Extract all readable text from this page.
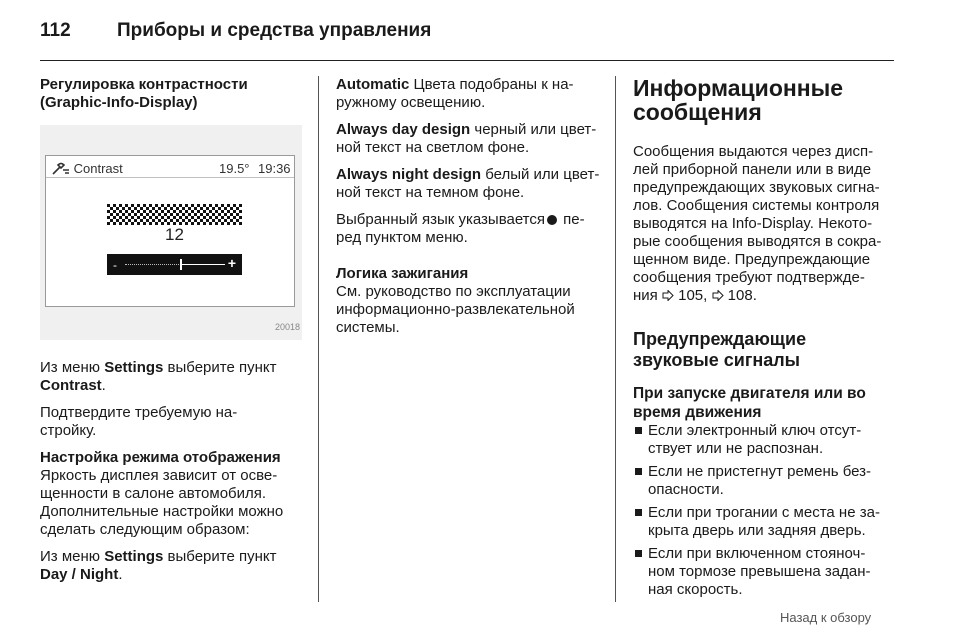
112 Приборы и средства управления
Регулировка контрастности
(Graphic-Info-Display)
Contrast	19.5° 19:36
12
-	+
20018

Из меню Settings выберите пункт
Contrast.

Подтвердите требуемую на-
стройку.

Настройка режима отображения

Яркость дисплея зависит от осве-
щенности в салоне автомобиля.
Дополнительные настройки можно
сделать следующим образом:

Из меню Settings выберите пункт
Day / Night.

Automatic Цвета подобраны к на-
ружному освещению.

Always day design черный или цвет-
ной текст на светлом фоне.

Always night design белый или цвет-
ной текст на темном фоне.

Выбранный язык указывается пе-
ред пунктом меню.

Логика зажигания

См. руководство по эксплуатации
информационно-развлекательной
системы.

Информационные
сообщения

Сообщения выдаются через дисп-
лей приборной панели или в виде
предупреждающих звуковых сигна-
лов. Сообщения системы контроля
выводятся на Info-Display. Некото-
рые сообщения выводятся в сокра-
щенном виде. Предупреждающие
сообщения требуют подтвержде-
ния  105,  108.

Предупреждающие
звуковые сигналы
При запуске двигателя или во
время движения
Если электронный ключ отсут-
ствует или не распознан.
Если не пристегнут ремень без-
опасности.
Если при трогании с места не за-
крыта дверь или задняя дверь.
Если при включенном стояноч-
ном тормозе превышена задан-
ная скорость.
Назад к обзору
